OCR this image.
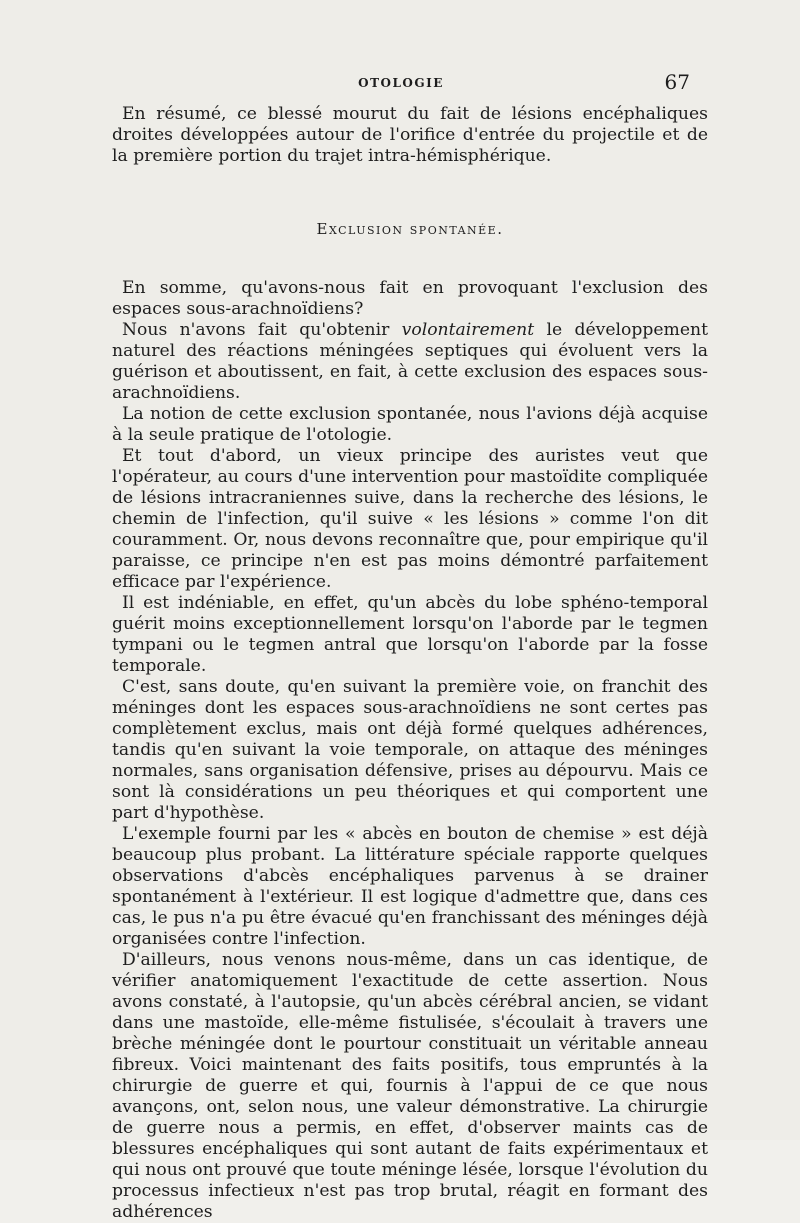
OTOLOGIE	67

En résumé, ce blessé mourut du fait de lésions encéphaliques droites développées autour de l'orifice d'entrée du projectile et de la première portion du trajet intra-hémisphérique.

Exclusion spontanée.

En somme, qu'avons-nous fait en provoquant l'exclusion des espaces sous-arachnoïdiens?

Nous n'avons fait qu'obtenir volontairement le développement naturel des réactions méningées septiques qui évoluent vers la guérison et aboutissent, en fait, à cette exclusion des espaces sous-arachnoïdiens.

La notion de cette exclusion spontanée, nous l'avions déjà acquise à la seule pratique de l'otologie.

Et tout d'abord, un vieux principe des auristes veut que l'opérateur, au cours d'une intervention pour mastoïdite compliquée de lésions intracraniennes suive, dans la recherche des lésions, le chemin de l'infection, qu'il suive « les lésions » comme l'on dit couramment. Or, nous devons reconnaître que, pour empirique qu'il paraisse, ce principe n'en est pas moins démontré parfaitement efficace par l'expérience.

Il est indéniable, en effet, qu'un abcès du lobe sphéno-temporal guérit moins exceptionnellement lorsqu'on l'aborde par le tegmen tympani ou le tegmen antral que lorsqu'on l'aborde par la fosse temporale.

C'est, sans doute, qu'en suivant la première voie, on franchit des méninges dont les espaces sous-arachnoïdiens ne sont certes pas complètement exclus, mais ont déjà formé quelques adhérences, tandis qu'en suivant la voie temporale, on attaque des méninges normales, sans organisation défensive, prises au dépourvu. Mais ce sont là considérations un peu théoriques et qui comportent une part d'hypothèse.

L'exemple fourni par les « abcès en bouton de chemise » est déjà beaucoup plus probant. La littérature spéciale rapporte quelques observations d'abcès encéphaliques parvenus à se drainer spontanément à l'extérieur. Il est logique d'admettre que, dans ces cas, le pus n'a pu être évacué qu'en franchissant des méninges déjà organisées contre l'infection.

D'ailleurs, nous venons nous-même, dans un cas identique, de vérifier anatomiquement l'exactitude de cette assertion. Nous avons constaté, à l'autopsie, qu'un abcès cérébral ancien, se vidant dans une mastoïde, elle-même fistulisée, s'écoulait à travers une brèche méningée dont le pourtour constituait un véritable anneau fibreux. Voici maintenant des faits positifs, tous empruntés à la chirurgie de guerre et qui, fournis à l'appui de ce que nous avançons, ont, selon nous, une valeur démonstrative. La chirurgie de guerre nous a permis, en effet, d'observer maints cas de blessures encéphaliques qui sont autant de faits expérimentaux et qui nous ont prouvé que toute méninge lésée, lorsque l'évolution du processus infectieux n'est pas trop brutal, réagit en formant des adhérences
